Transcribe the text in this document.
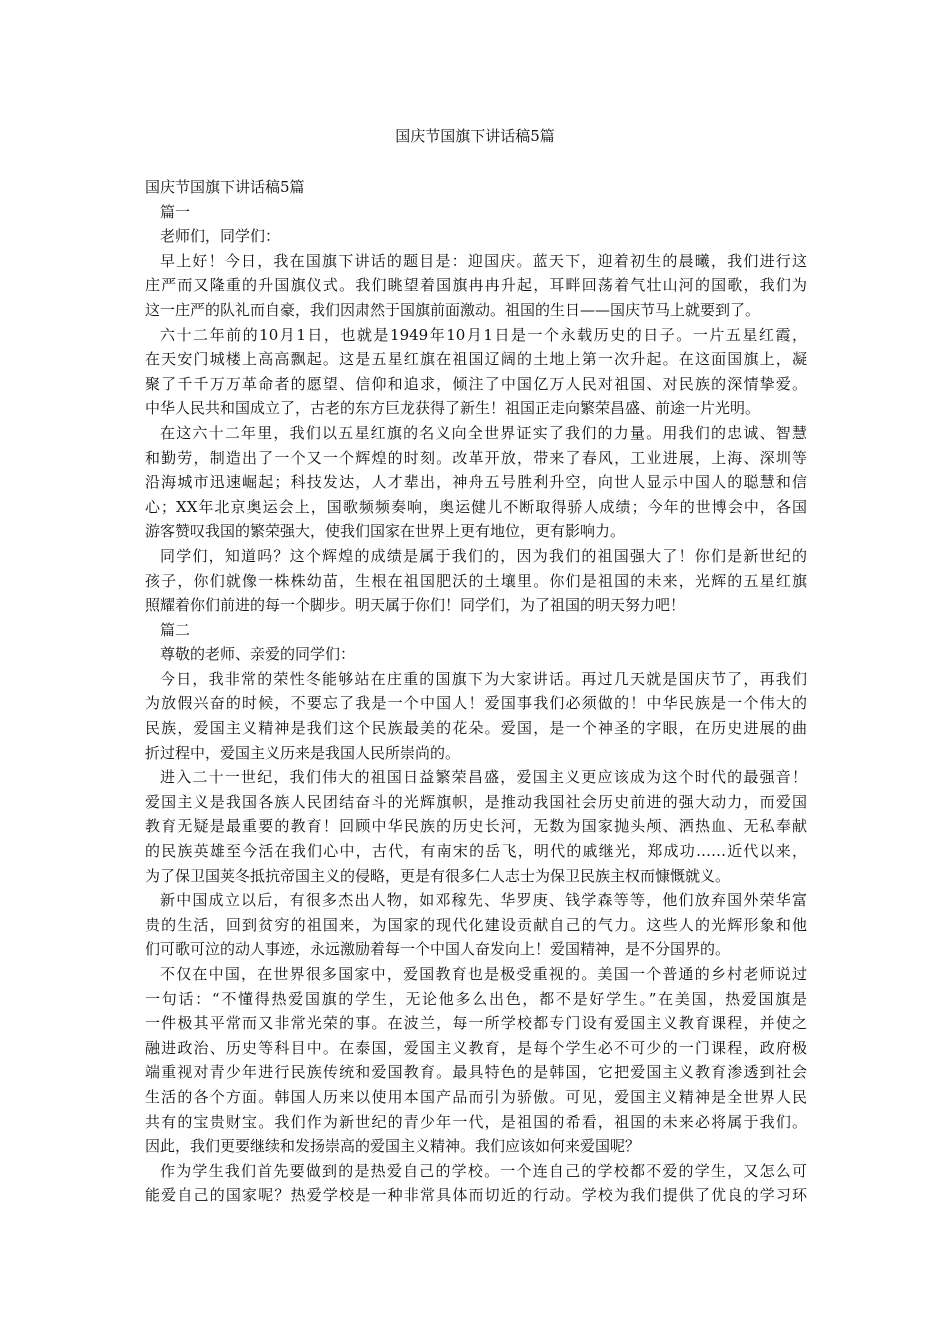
国庆节国旗下讲话稿5篇

国庆节国旗下讲话稿5篇

篇一

老师们，同学们：

早上好！今日，我在国旗下讲话的题目是：迎国庆。蓝天下，迎着初生的晨曦，我们进行这

庄严而又隆重的升国旗仪式。我们眺望着国旗冉冉升起，耳畔回荡着气壮山河的国歌，我们为

这一庄严的队礼而自豪，我们因肃然于国旗前面激动。祖国的生日——国庆节马上就要到了。

六十二年前的10月1日，也就是1949年10月1日是一个永载历史的日子。一片五星红霞，

在天安门城楼上高高飘起。这是五星红旗在祖国辽阔的土地上第一次升起。在这面国旗上，凝

聚了千千万万革命者的愿望、信仰和追求，倾注了中国亿万人民对祖国、对民族的深情挚爱。

中华人民共和国成立了，古老的东方巨龙获得了新生！祖国正走向繁荣昌盛、前途一片光明。

在这六十二年里，我们以五星红旗的名义向全世界证实了我们的力量。用我们的忠诚、智慧

和勤劳，制造出了一个又一个辉煌的时刻。改革开放，带来了春风，工业进展，上海、深圳等

沿海城市迅速崛起；科技发达，人才辈出，神舟五号胜利升空，向世人显示中国人的聪慧和信

心；XX年北京奥运会上，国歌频频奏响，奥运健儿不断取得骄人成绩；今年的世博会中，各国

游客赞叹我国的繁荣强大，使我们国家在世界上更有地位，更有影响力。

同学们，知道吗？这个辉煌的成绩是属于我们的，因为我们的祖国强大了！你们是新世纪的

孩子，你们就像一株株幼苗，生根在祖国肥沃的土壤里。你们是祖国的未来，光辉的五星红旗

照耀着你们前进的每一个脚步。明天属于你们！同学们，为了祖国的明天努力吧！

篇二

尊敬的老师、亲爱的同学们：

今日，我非常的荣性冬能够站在庄重的国旗下为大家讲话。再过几天就是国庆节了，再我们

为放假兴奋的时候，不要忘了我是一个中国人！爱国事我们必须做的！中华民族是一个伟大的

民族，爱国主义精神是我们这个民族最美的花朵。爱国，是一个神圣的字眼，在历史进展的曲

折过程中，爱国主义历来是我国人民所崇尚的。

进入二十一世纪，我们伟大的祖国日益繁荣昌盛，爱国主义更应该成为这个时代的最强音！

爱国主义是我国各族人民团结奋斗的光辉旗帜，是推动我国社会历史前进的强大动力，而爱国

教育无疑是最重要的教育！回顾中华民族的历史长河，无数为国家抛头颅、洒热血、无私奉献

的民族英雄至今活在我们心中，古代，有南宋的岳飞，明代的戚继光，郑成功……近代以来，

为了保卫国荚冬抵抗帝国主义的侵略，更是有很多仁人志士为保卫民族主权而慷慨就义。

新中国成立以后，有很多杰出人物，如邓稼先、华罗庚、钱学森等等，他们放弃国外荣华富

贵的生活，回到贫穷的祖国来，为国家的现代化建设贡献自己的气力。这些人的光辉形象和他

们可歌可泣的动人事迹，永远激励着每一个中国人奋发向上！爱国精神，是不分国界的。

不仅在中国，在世界很多国家中，爱国教育也是极受重视的。美国一个普通的乡村老师说过

一句话：“不懂得热爱国旗的学生，无论他多么出色，都不是好学生。”在美国，热爱国旗是

一件极其平常而又非常光荣的事。在波兰，每一所学校都专门设有爱国主义教育课程，并使之

融进政治、历史等科目中。在泰国，爱国主义教育，是每个学生必不可少的一门课程，政府极

端重视对青少年进行民族传统和爱国教育。最具特色的是韩国，它把爱国主义教育渗透到社会

生活的各个方面。韩国人历来以使用本国产品而引为骄傲。可见，爱国主义精神是全世界人民

共有的宝贵财宝。我们作为新世纪的青少年一代，是祖国的希看，祖国的未来必将属于我们。

因此，我们更要继续和发扬崇高的爱国主义精神。我们应该如何来爱国呢？

作为学生我们首先要做到的是热爱自己的学校。一个连自己的学校都不爱的学生，又怎么可

能爱自己的国家呢？热爱学校是一种非常具体而切近的行动。学校为我们提供了优良的学习环
